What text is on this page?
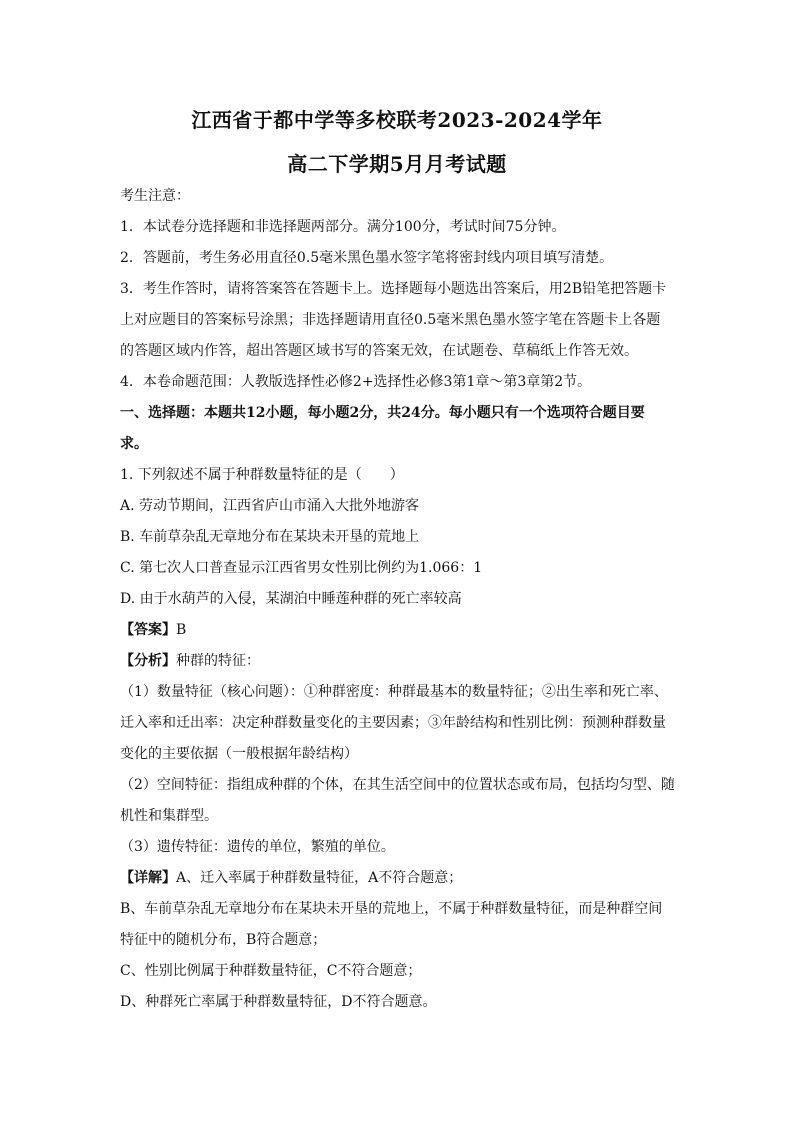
江西省于都中学等多校联考2023-2024学年
高二下学期5月月考试题
考生注意：
1．本试卷分选择题和非选择题两部分。满分100分，考试时间75分钟。
2．答题前，考生务必用直径0.5毫米黑色墨水签字笔将密封线内项目填写清楚。
3．考生作答时，请将答案答在答题卡上。选择题每小题选出答案后，用2B铅笔把答题卡
上对应题目的答案标号涂黑；非选择题请用直径0.5毫米黑色墨水签字笔在答题卡上各题
的答题区域内作答，超出答题区域书写的答案无效，在试题卷、草稿纸上作答无效。
4．本卷命题范围：人教版选择性必修2+选择性必修3第1章～第3章第2节。
一、选择题：本题共12小题，每小题2分，共24分。每小题只有一个选项符合题目要
求。
1. 下列叙述不属于种群数量特征的是（　　）
A. 劳动节期间，江西省庐山市涌入大批外地游客
B. 车前草杂乱无章地分布在某块未开垦的荒地上
C. 第七次人口普查显示江西省男女性别比例约为1.066：1
D. 由于水葫芦的入侵，某湖泊中睡莲种群的死亡率较高
【答案】B
【分析】种群的特征：
（1）数量特征（核心问题）：①种群密度：种群最基本的数量特征；②出生率和死亡率、
迁入率和迁出率：决定种群数量变化的主要因素；③年龄结构和性别比例：预测种群数量
变化的主要依据（一般根据年龄结构）
（2）空间特征：指组成种群的个体，在其生活空间中的位置状态或布局，包括均匀型、随
机性和集群型。
（3）遗传特征：遗传的单位，繁殖的单位。
【详解】A、迁入率属于种群数量特征，A不符合题意；
B、车前草杂乱无章地分布在某块未开垦的荒地上，不属于种群数量特征，而是种群空间
特征中的随机分布，B符合题意；
C、性别比例属于种群数量特征，C不符合题意；
D、种群死亡率属于种群数量特征，D不符合题意。
